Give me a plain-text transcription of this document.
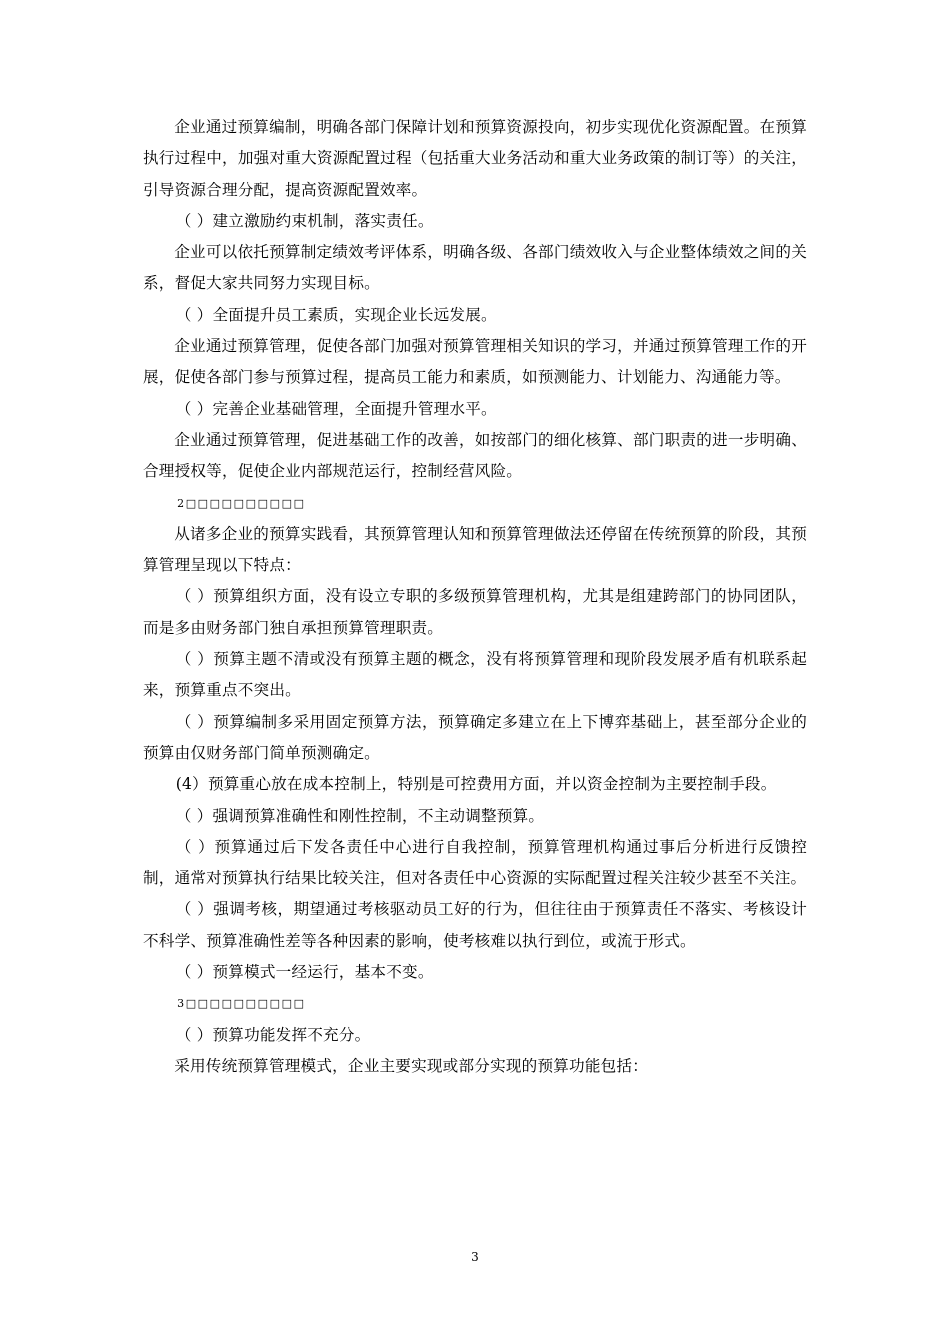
企业通过预算编制，明确各部门保障计划和预算资源投向，初步实现优化资源配置。在预算执行过程中，加强对重大资源配置过程（包括重大业务活动和重大业务政策的制订等）的关注，引导资源合理分配，提高资源配置效率。

（ ）建立激励约束机制，落实责任。

企业可以依托预算制定绩效考评体系，明确各级、各部门绩效收入与企业整体绩效之间的关系，督促大家共同努力实现目标。

（ ）全面提升员工素质，实现企业长远发展。

企业通过预算管理，促使各部门加强对预算管理相关知识的学习，并通过预算管理工作的开展，促使各部门参与预算过程，提高员工能力和素质，如预测能力、计划能力、沟通能力等。

（ ）完善企业基础管理，全面提升管理水平。

企业通过预算管理，促进基础工作的改善，如按部门的细化核算、部门职责的进一步明确、合理授权等，促使企业内部规范运行，控制经营风险。

2□□□□□□□□□□

从诸多企业的预算实践看，其预算管理认知和预算管理做法还停留在传统预算的阶段，其预算管理呈现以下特点：

（ ）预算组织方面，没有设立专职的多级预算管理机构，尤其是组建跨部门的协同团队，而是多由财务部门独自承担预算管理职责。

（ ）预算主题不清或没有预算主题的概念，没有将预算管理和现阶段发展矛盾有机联系起来，预算重点不突出。

（ ）预算编制多采用固定预算方法，预算确定多建立在上下博弈基础上，甚至部分企业的预算由仅财务部门简单预测确定。

(4）预算重心放在成本控制上，特别是可控费用方面，并以资金控制为主要控制手段。

（ ）强调预算准确性和刚性控制，不主动调整预算。

（ ）预算通过后下发各责任中心进行自我控制，预算管理机构通过事后分析进行反馈控制，通常对预算执行结果比较关注，但对各责任中心资源的实际配置过程关注较少甚至不关注。

（ ）强调考核，期望通过考核驱动员工好的行为，但往往由于预算责任不落实、考核设计不科学、预算准确性差等各种因素的影响，使考核难以执行到位，或流于形式。

（ ）预算模式一经运行，基本不变。

3□□□□□□□□□□

（ ）预算功能发挥不充分。

采用传统预算管理模式，企业主要实现或部分实现的预算功能包括：

3
